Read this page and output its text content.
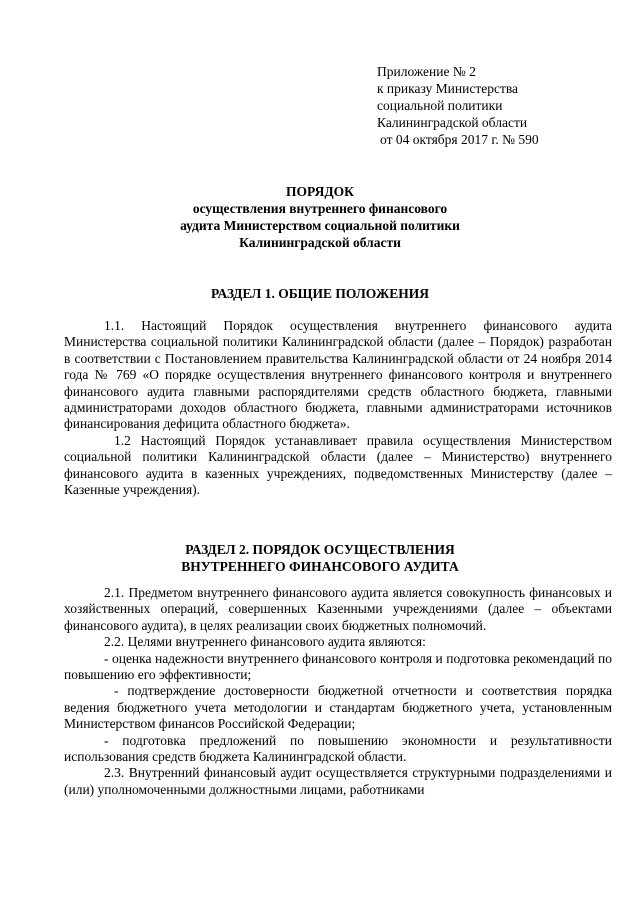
Приложение № 2
к приказу Министерства
социальной политики
Калининградской области
от 04 октября 2017 г. № 590
ПОРЯДОК
осуществления внутреннего финансового
аудита Министерством социальной политики
Калининградской области
РАЗДЕЛ 1. ОБЩИЕ ПОЛОЖЕНИЯ

1.1. Настоящий Порядок осуществления внутреннего финансового аудита Министерства социальной политики Калининградской области (далее – Порядок) разработан в соответствии с Постановлением правительства Калининградской области от 24 ноября 2014 года № 769 «О порядке осуществления внутреннего финансового контроля и внутреннего финансового аудита главными распорядителями средств областного бюджета, главными администраторами доходов областного бюджета, главными администраторами источников финансирования дефицита областного бюджета».

1.2 Настоящий Порядок устанавливает правила осуществления Министерством социальной политики Калининградской области (далее – Министерство) внутреннего финансового аудита в казенных учреждениях, подведомственных Министерству (далее – Казенные учреждения).

РАЗДЕЛ 2. ПОРЯДОК ОСУЩЕСТВЛЕНИЯ
ВНУТРЕННЕГО ФИНАНСОВОГО АУДИТА

2.1. Предметом внутреннего финансового аудита является совокупность финансовых и хозяйственных операций, совершенных Казенными учреждениями (далее – объектами финансового аудита), в целях реализации своих бюджетных полномочий.

2.2. Целями внутреннего финансового аудита являются:

- оценка надежности внутреннего финансового контроля и подготовка рекомендаций по повышению его эффективности;

- подтверждение достоверности бюджетной отчетности и соответствия порядка ведения бюджетного учета методологии и стандартам бюджетного учета, установленным Министерством финансов Российской Федерации;

- подготовка предложений по повышению экономности и результативности использования средств бюджета Калининградской области.

2.3. Внутренний финансовый аудит осуществляется структурными подразделениями и (или) уполномоченными должностными лицами, работниками
